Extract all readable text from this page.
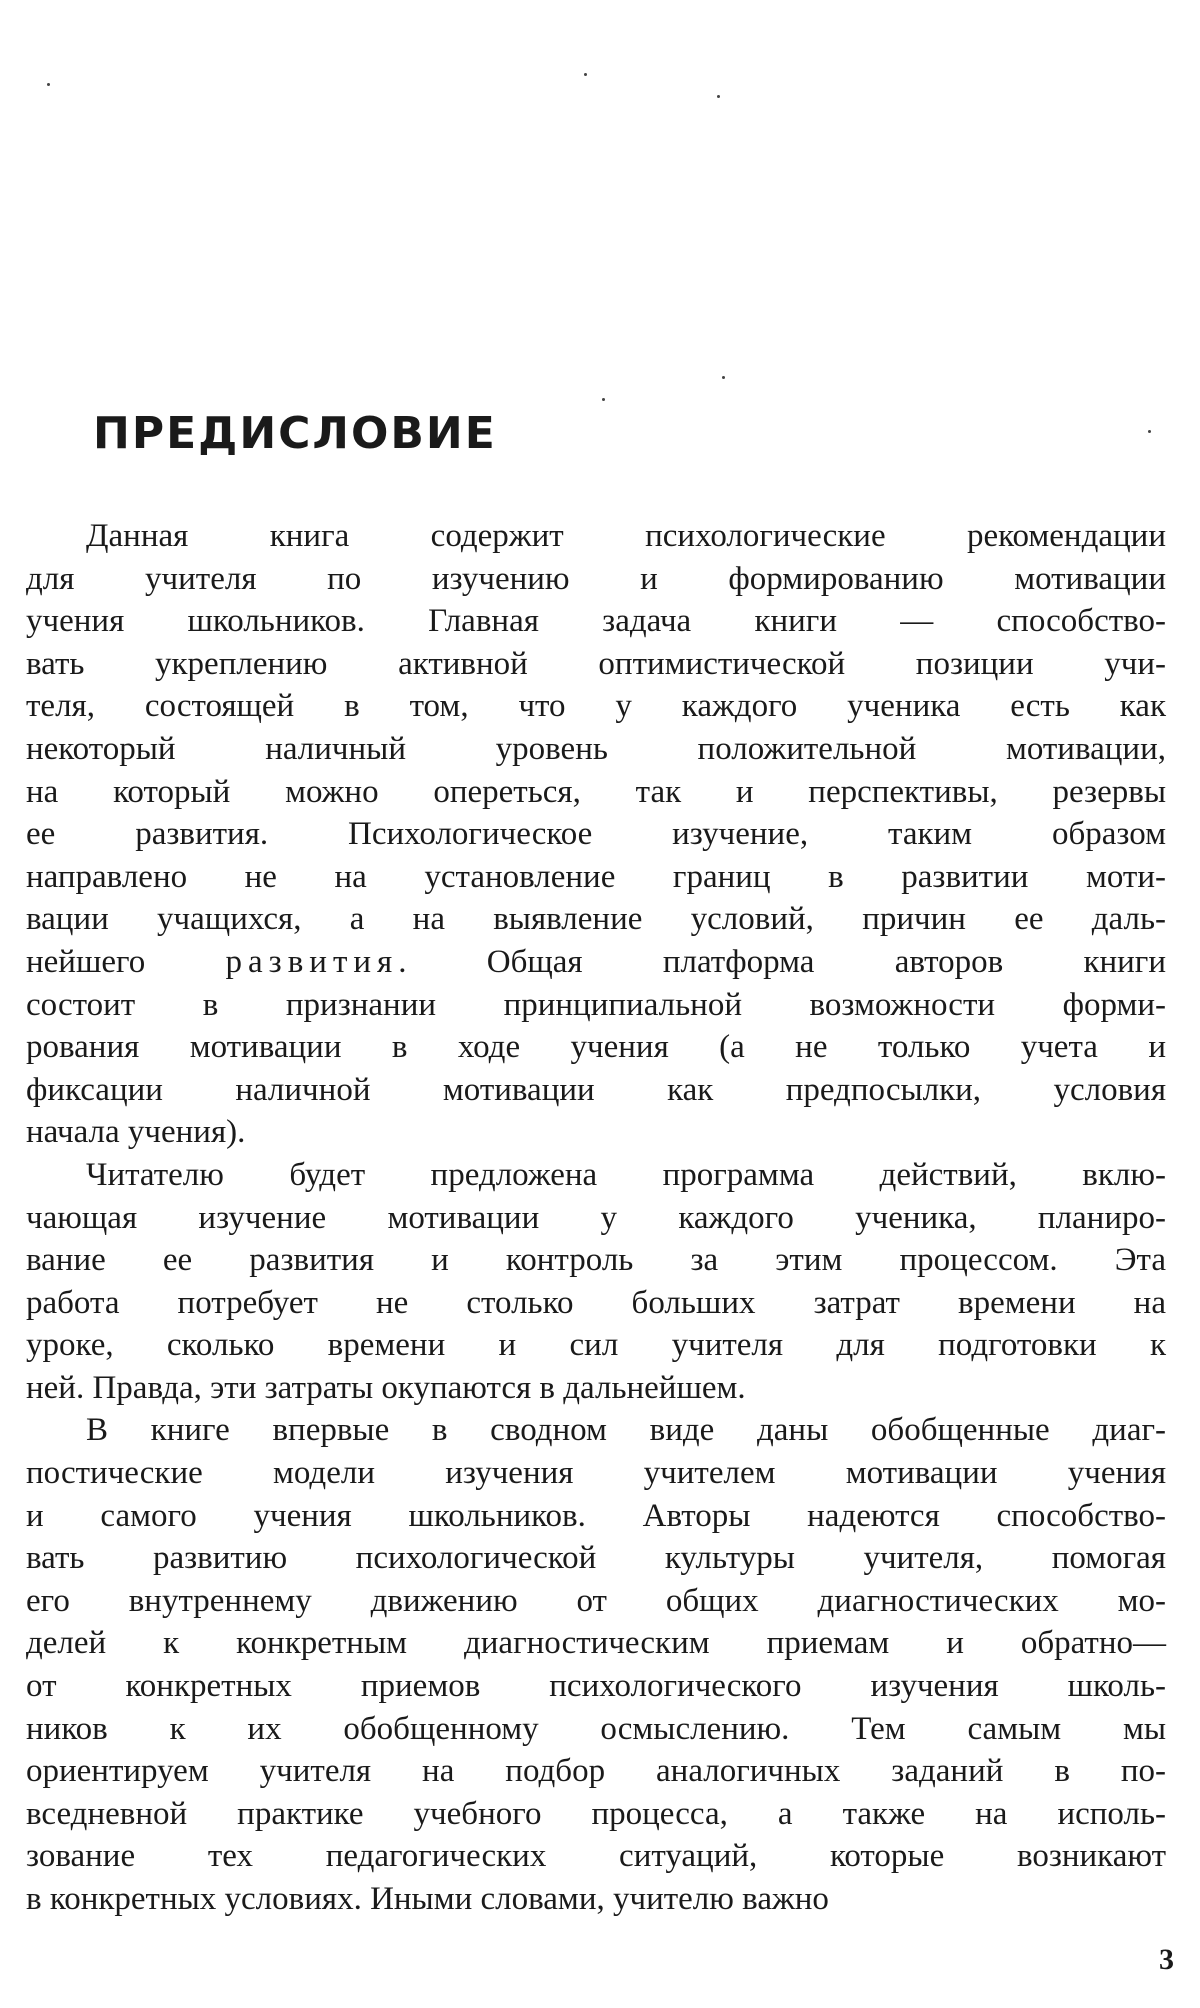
ПРЕДИСЛОВИЕ
Данная книга содержит психологические рекомендации
для учителя по изучению и формированию мотивации
учения школьников. Главная задача книги — способство-
вать укреплению активной оптимистической позиции учи-
теля, состоящей в том, что у каждого ученика есть как
некоторый наличный уровень положительной мотивации,
на который можно опереться, так и перспективы, резервы
ее развития. Психологическое изучение, таким образом
направлено не на установление границ в развитии моти-
вации учащихся, а на выявление условий, причин ее даль-
нейшего развития. Общая платформа авторов книги
состоит в признании принципиальной возможности форми-
рования мотивации в ходе учения (а не только учета и
фиксации наличной мотивации как предпосылки, условия
начала учения).
Читателю будет предложена программа действий, вклю-
чающая изучение мотивации у каждого ученика, планиро-
вание ее развития и контроль за этим процессом. Эта
работа потребует не столько больших затрат времени на
уроке, сколько времени и сил учителя для подготовки к
ней. Правда, эти затраты окупаются в дальнейшем.
В книге впервые в сводном виде даны обобщенные диаг-
постические модели изучения учителем мотивации учения
и самого учения школьников. Авторы надеются способство-
вать развитию психологической культуры учителя, помогая
его внутреннему движению от общих диагностических мо-
делей к конкретным диагностическим приемам и обратно—
от конкретных приемов психологического изучения школь-
ников к их обобщенному осмыслению. Тем самым мы
ориентируем учителя на подбор аналогичных заданий в по-
вседневной практике учебного процесса, а также на исполь-
зование тех педагогических ситуаций, которые возникают
в конкретных условиях. Иными словами, учителю важно

3
